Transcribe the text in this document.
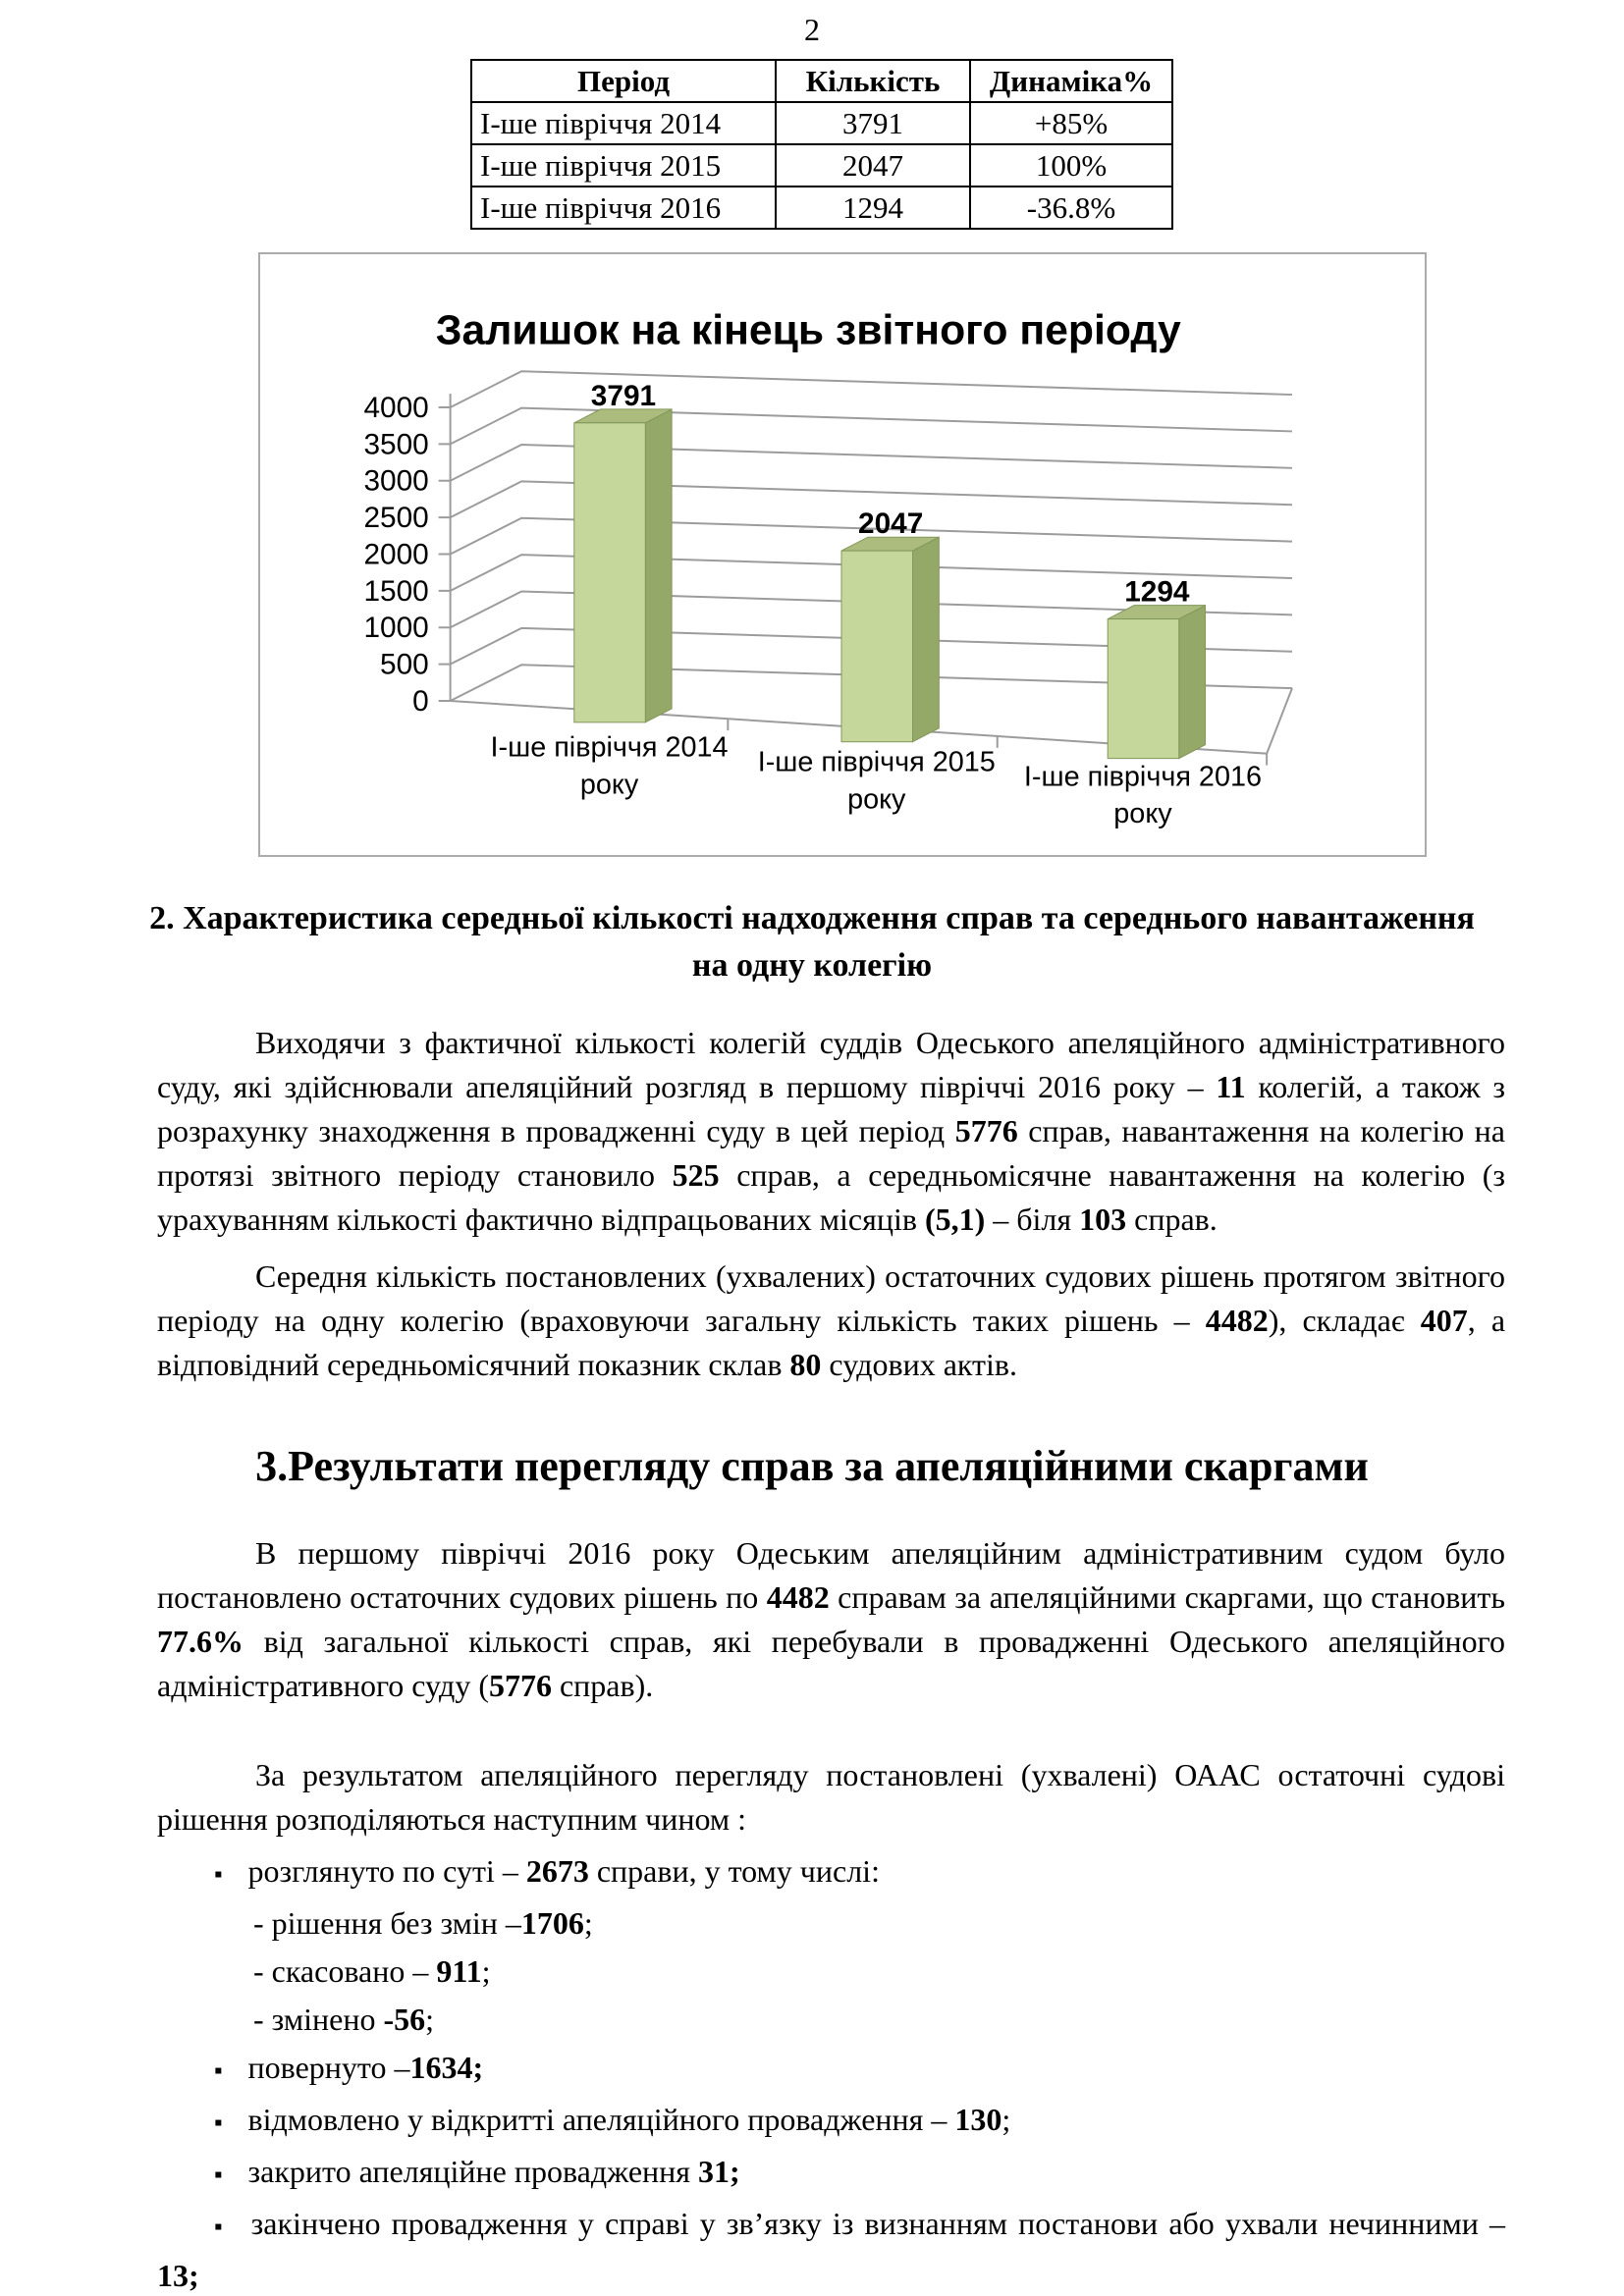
2
Період	Кількість	Динаміка%
І-ше півріччя 2014	3791	+85%
І-ше півріччя 2015	2047	100%
І-ше півріччя 2016	1294	-36.8%
0
500
1000
1500
2000
2500
3000
3500
4000	3791
2047
1294
І-ше півріччя 2014
року
І-ше півріччя 2015
року
І-ше півріччя 2016
року
Залишок на кінець звітного періоду
2. Характеристика середньої кількості надходження справ та середнього навантаження на одну колегію
Виходячи з фактичної кількості колегій суддів Одеського апеляційного адміністративного суду, які здійснювали апеляційний розгляд в першому півріччі 2016 року – 11 колегій, а також з розрахунку знаходження в провадженні суду в цей період 5776 справ, навантаження на колегію на протязі звітного періоду становило 525 справ, а середньомісячне навантаження на колегію (з урахуванням кількості фактично відпрацьованих місяців (5,1) – біля 103 справ.
Середня кількість постановлених (ухвалених) остаточних судових рішень протягом звітного періоду на одну колегію (враховуючи загальну кількість таких рішень – 4482), складає 407, а відповідний середньомісячний показник склав 80 судових актів.
3.Результати перегляду справ за апеляційними скаргами
В першому півріччі 2016 року Одеським апеляційним адміністративним судом було постановлено остаточних судових рішень по 4482 справам за апеляційними скаргами, що становить 77.6% від загальної кількості справ, які перебували в провадженні Одеського апеляційного адміністративного суду (5776 справ).
За результатом апеляційного перегляду постановлені (ухвалені) ОААС остаточні судові рішення розподіляються наступним чином :
▪ розглянуто по суті – 2673 справи, у тому числі:
- рішення без змін –1706;
- скасовано – 911;
- змінено -56;
▪ повернуто –1634;
▪ відмовлено у відкритті апеляційного провадження – 130;
▪ закрито апеляційне провадження 31;
▪ закінчено провадження у справі у зв’язку із визнанням постанови або ухвали нечинними – 13;
